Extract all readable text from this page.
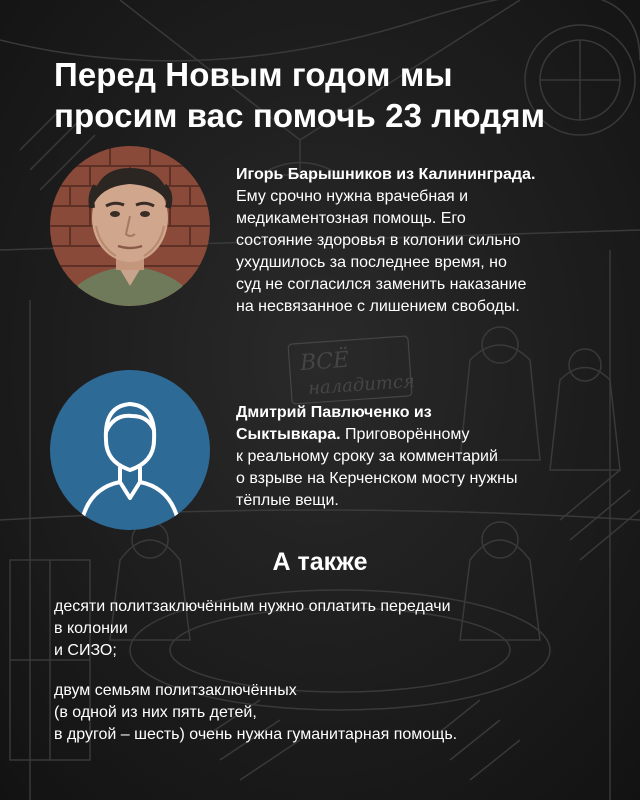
ВСЁ
наладится
Перед Новым годом мы
просим вас помочь 23 людям
Игорь Барышников из Калининграда.
Ему срочно нужна врачебная и
медикаментозная помощь. Его
состояние здоровья в колонии сильно
ухудшилось за последнее время, но
суд не согласился заменить наказание
на несвязанное с лишением свободы.
Дмитрий Павлюченко из
Сыктывкара. Приговорённому
к реальному сроку за комментарий
о взрыве на Керченском мосту нужны
тёплые вещи.
А также

десяти политзаключённым нужно оплатить передачи
в колонии
и СИЗО;

двум семьям политзаключённых
(в одной из них пять детей,
в другой – шесть) очень нужна гуманитарная помощь.
